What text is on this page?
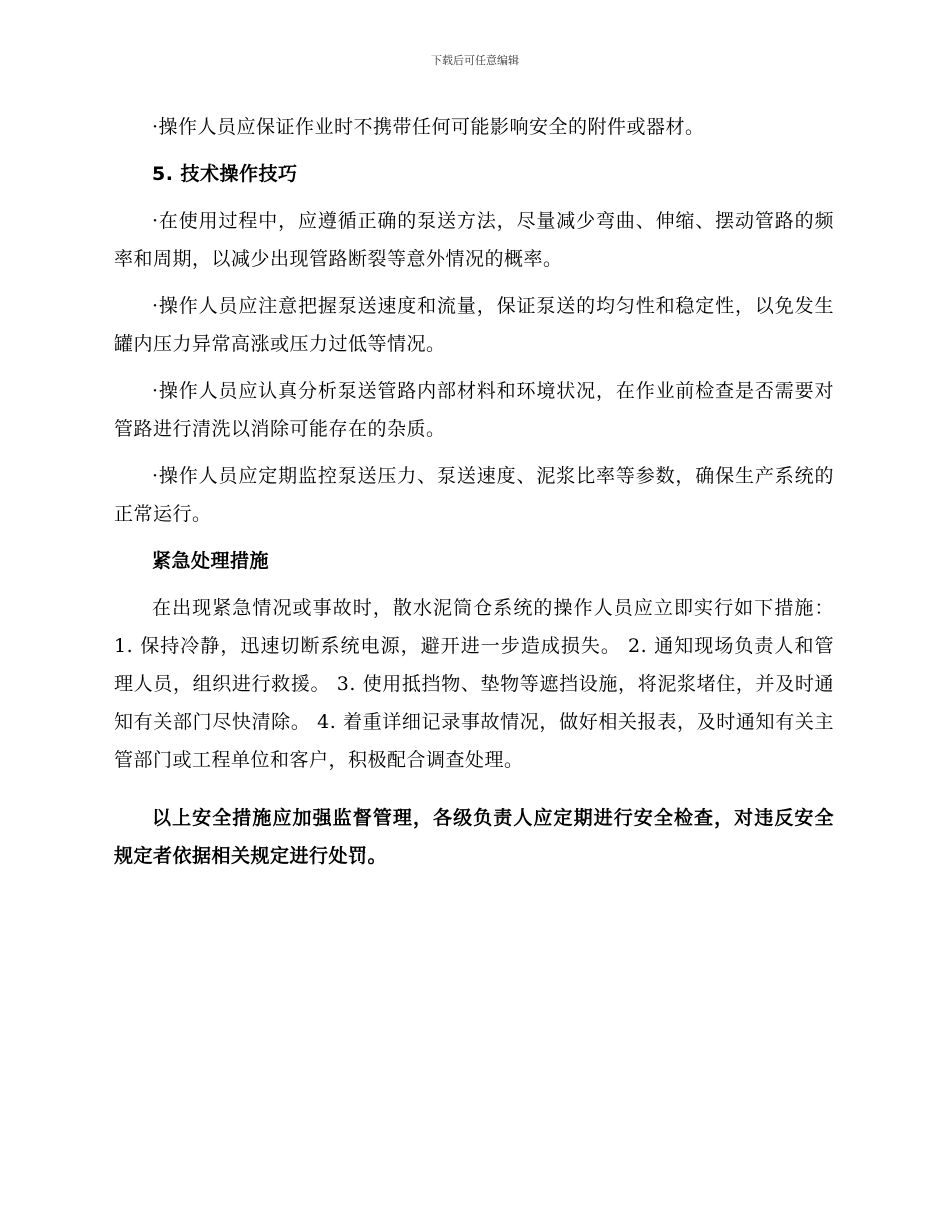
下载后可任意编辑

·操作人员应保证作业时不携带任何可能影响安全的附件或器材。

5. 技术操作技巧

·在使用过程中，应遵循正确的泵送方法，尽量减少弯曲、伸缩、摆动管路的频率和周期，以减少出现管路断裂等意外情况的概率。

·操作人员应注意把握泵送速度和流量，保证泵送的均匀性和稳定性，以免发生罐内压力异常高涨或压力过低等情况。

·操作人员应认真分析泵送管路内部材料和环境状况，在作业前检查是否需要对管路进行清洗以消除可能存在的杂质。

·操作人员应定期监控泵送压力、泵送速度、泥浆比率等参数，确保生产系统的正常运行。

紧急处理措施

在出现紧急情况或事故时，散水泥筒仓系统的操作人员应立即实行如下措施： 1. 保持冷静，迅速切断系统电源，避开进一步造成损失。 2. 通知现场负责人和管理人员，组织进行救援。 3. 使用抵挡物、垫物等遮挡设施，将泥浆堵住，并及时通知有关部门尽快清除。 4. 着重详细记录事故情况，做好相关报表，及时通知有关主管部门或工程单位和客户，积极配合调查处理。

以上安全措施应加强监督管理，各级负责人应定期进行安全检查，对违反安全规定者依据相关规定进行处罚。
